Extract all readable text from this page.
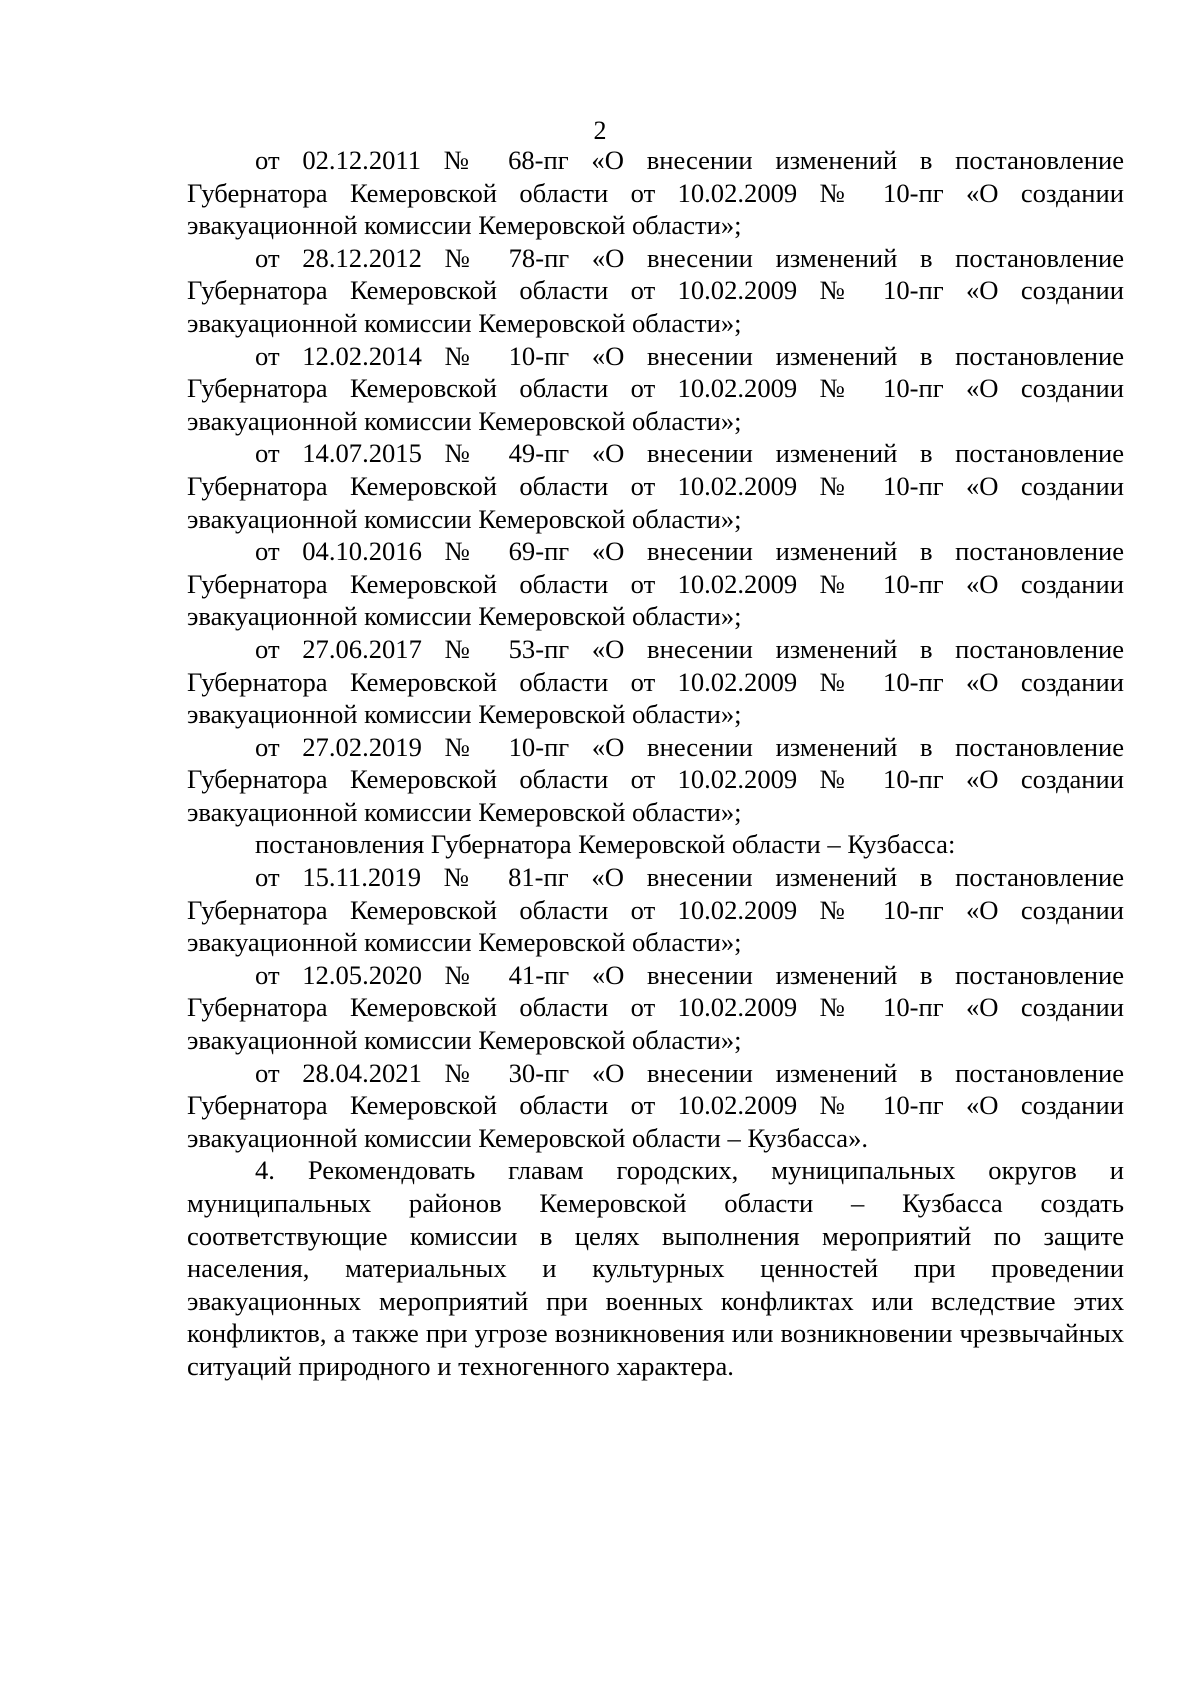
2

от 02.12.2011 № 68-пг «О внесении изменений в постановление Губернатора Кемеровской области от 10.02.2009 № 10-пг «О создании эвакуационной комиссии Кемеровской области»;

от 28.12.2012 № 78-пг «О внесении изменений в постановление Губернатора Кемеровской области от 10.02.2009 № 10-пг «О создании эвакуационной комиссии Кемеровской области»;

от 12.02.2014 № 10-пг «О внесении изменений в постановление Губернатора Кемеровской области от 10.02.2009 № 10-пг «О создании эвакуационной комиссии Кемеровской области»;

от 14.07.2015 № 49-пг «О внесении изменений в постановление Губернатора Кемеровской области от 10.02.2009 № 10-пг «О создании эвакуационной комиссии Кемеровской области»;

от 04.10.2016 № 69-пг «О внесении изменений в постановление Губернатора Кемеровской области от 10.02.2009 № 10-пг «О создании эвакуационной комиссии Кемеровской области»;

от 27.06.2017 № 53-пг «О внесении изменений в постановление Губернатора Кемеровской области от 10.02.2009 № 10-пг «О создании эвакуационной комиссии Кемеровской области»;

от 27.02.2019 № 10-пг «О внесении изменений в постановление Губернатора Кемеровской области от 10.02.2009 № 10-пг «О создании эвакуационной комиссии Кемеровской области»;

постановления Губернатора Кемеровской области – Кузбасса:

от 15.11.2019 № 81-пг «О внесении изменений в постановление Губернатора Кемеровской области от 10.02.2009 № 10-пг «О создании эвакуационной комиссии Кемеровской области»;

от 12.05.2020 № 41-пг «О внесении изменений в постановление Губернатора Кемеровской области от 10.02.2009 № 10-пг «О создании эвакуационной комиссии Кемеровской области»;

от 28.04.2021 № 30-пг «О внесении изменений в постановление Губернатора Кемеровской области от 10.02.2009 № 10-пг «О создании эвакуационной комиссии Кемеровской области – Кузбасса».

4. Рекомендовать главам городских, муниципальных округов и муниципальных районов Кемеровской области – Кузбасса создать соответствующие комиссии в целях выполнения мероприятий по защите населения, материальных и культурных ценностей при проведении эвакуационных мероприятий при военных конфликтах или вследствие этих конфликтов, а также при угрозе возникновения или возникновении чрезвычайных ситуаций природного и техногенного характера.
